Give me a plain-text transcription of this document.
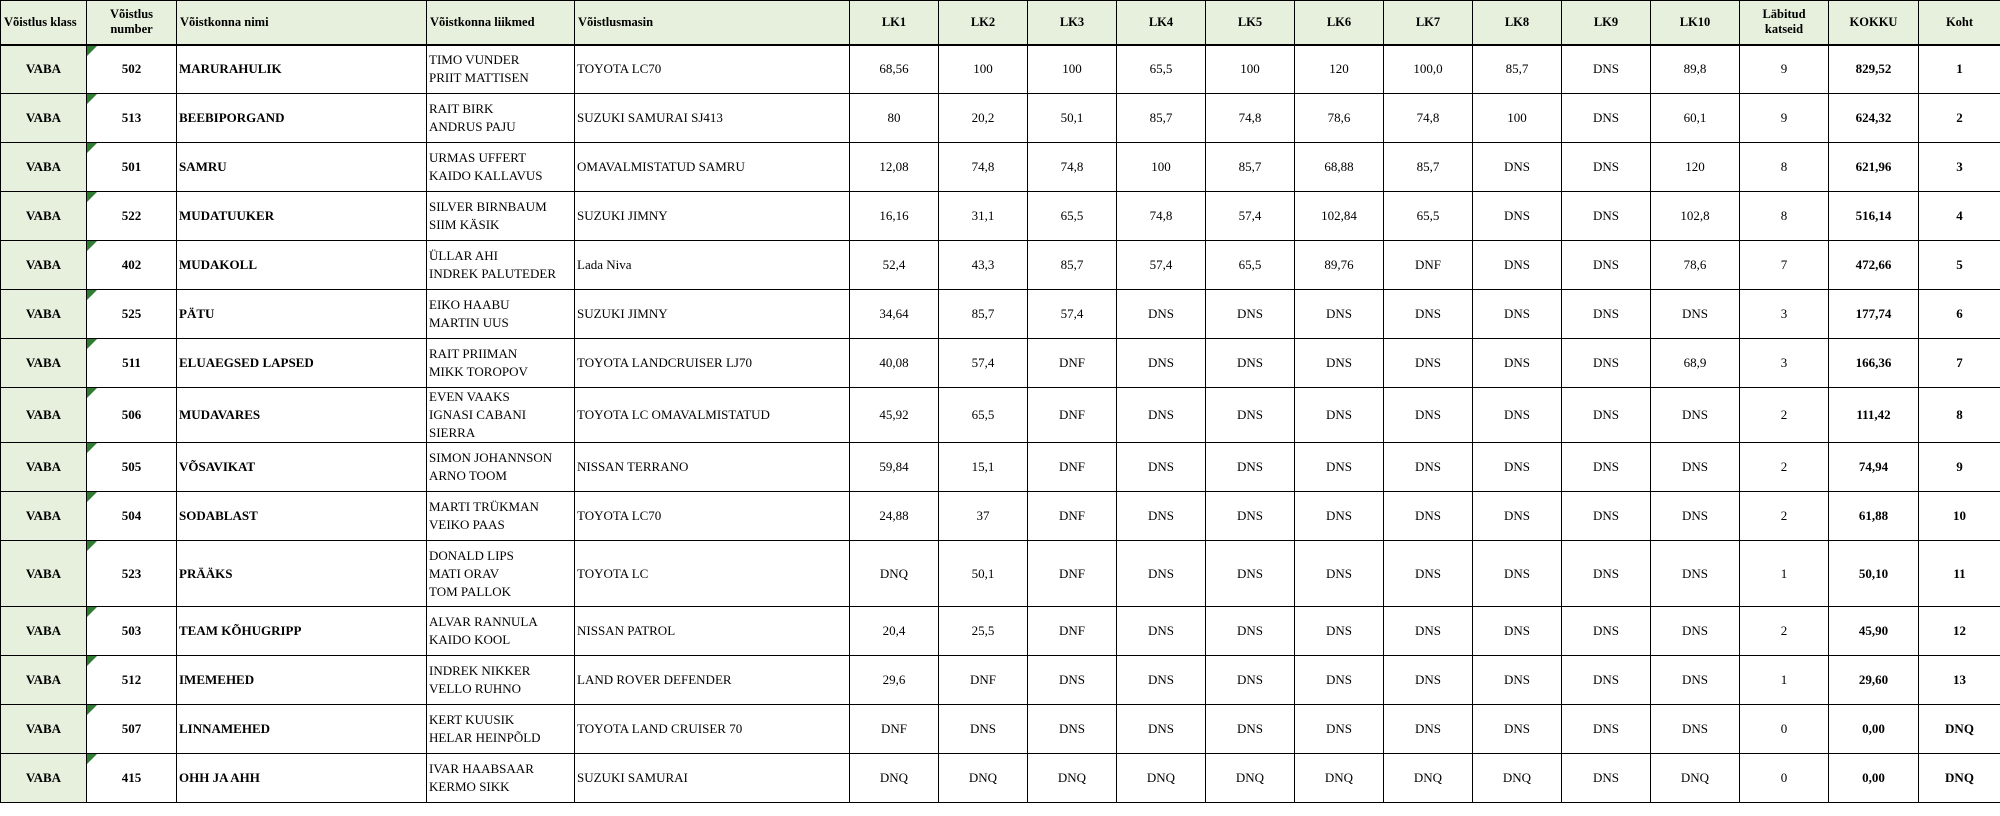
Võistlus klass	Võistlus
number	Võistkonna nimi	Võistkonna liikmed	Võistlusmasin	LK1	LK2	LK3	LK4	LK5	LK6	LK7	LK8	LK9	LK10	Läbitud
katseid	KOKKU	Koht
VABA	502	MARURAHULIK	TIMO VUNDER
PRIIT MATTISEN	TOYOTA LC70	68,56	100	100	65,5	100	120	100,0	85,7	DNS	89,8	9	829,52	1
VABA	513	BEEBIPORGAND	RAIT BIRK
ANDRUS PAJU	SUZUKI SAMURAI SJ413	80	20,2	50,1	85,7	74,8	78,6	74,8	100	DNS	60,1	9	624,32	2
VABA	501	SAMRU	URMAS UFFERT
KAIDO KALLAVUS	OMAVALMISTATUD SAMRU	12,08	74,8	74,8	100	85,7	68,88	85,7	DNS	DNS	120	8	621,96	3
VABA	522	MUDATUUKER	SILVER BIRNBAUM
SIIM KÄSIK	SUZUKI JIMNY	16,16	31,1	65,5	74,8	57,4	102,84	65,5	DNS	DNS	102,8	8	516,14	4
VABA	402	MUDAKOLL	ÜLLAR AHI
INDREK PALUTEDER	Lada Niva	52,4	43,3	85,7	57,4	65,5	89,76	DNF	DNS	DNS	78,6	7	472,66	5
VABA	525	PÄTU	EIKO HAABU
MARTIN UUS	SUZUKI JIMNY	34,64	85,7	57,4	DNS	DNS	DNS	DNS	DNS	DNS	DNS	3	177,74	6
VABA	511	ELUAEGSED LAPSED	RAIT PRIIMAN
MIKK TOROPOV	TOYOTA LANDCRUISER LJ70	40,08	57,4	DNF	DNS	DNS	DNS	DNS	DNS	DNS	68,9	3	166,36	7
VABA	506	MUDAVARES	EVEN VAAKS
IGNASI CABANI SIERRA	TOYOTA LC OMAVALMISTATUD	45,92	65,5	DNF	DNS	DNS	DNS	DNS	DNS	DNS	DNS	2	111,42	8
VABA	505	VÕSAVIKAT	SIMON JOHANNSON
ARNO TOOM	NISSAN TERRANO	59,84	15,1	DNF	DNS	DNS	DNS	DNS	DNS	DNS	DNS	2	74,94	9
VABA	504	SODABLAST	MARTI TRÜKMAN
VEIKO PAAS	TOYOTA LC70	24,88	37	DNF	DNS	DNS	DNS	DNS	DNS	DNS	DNS	2	61,88	10
VABA	523	PRÄÄKS	DONALD LIPS
MATI ORAV
TOM PALLOK	TOYOTA LC	DNQ	50,1	DNF	DNS	DNS	DNS	DNS	DNS	DNS	DNS	1	50,10	11
VABA	503	TEAM KÕHUGRIPP	ALVAR RANNULA
KAIDO KOOL	NISSAN PATROL	20,4	25,5	DNF	DNS	DNS	DNS	DNS	DNS	DNS	DNS	2	45,90	12
VABA	512	IMEMEHED	INDREK NIKKER
VELLO RUHNO	LAND ROVER DEFENDER	29,6	DNF	DNS	DNS	DNS	DNS	DNS	DNS	DNS	DNS	1	29,60	13
VABA	507	LINNAMEHED	KERT KUUSIK
HELAR HEINPÕLD	TOYOTA LAND CRUISER 70	DNF	DNS	DNS	DNS	DNS	DNS	DNS	DNS	DNS	DNS	0	0,00	DNQ
VABA	415	OHH JA AHH	IVAR HAABSAAR
KERMO SIKK	SUZUKI SAMURAI	DNQ	DNQ	DNQ	DNQ	DNQ	DNQ	DNQ	DNQ	DNS	DNQ	0	0,00	DNQ
